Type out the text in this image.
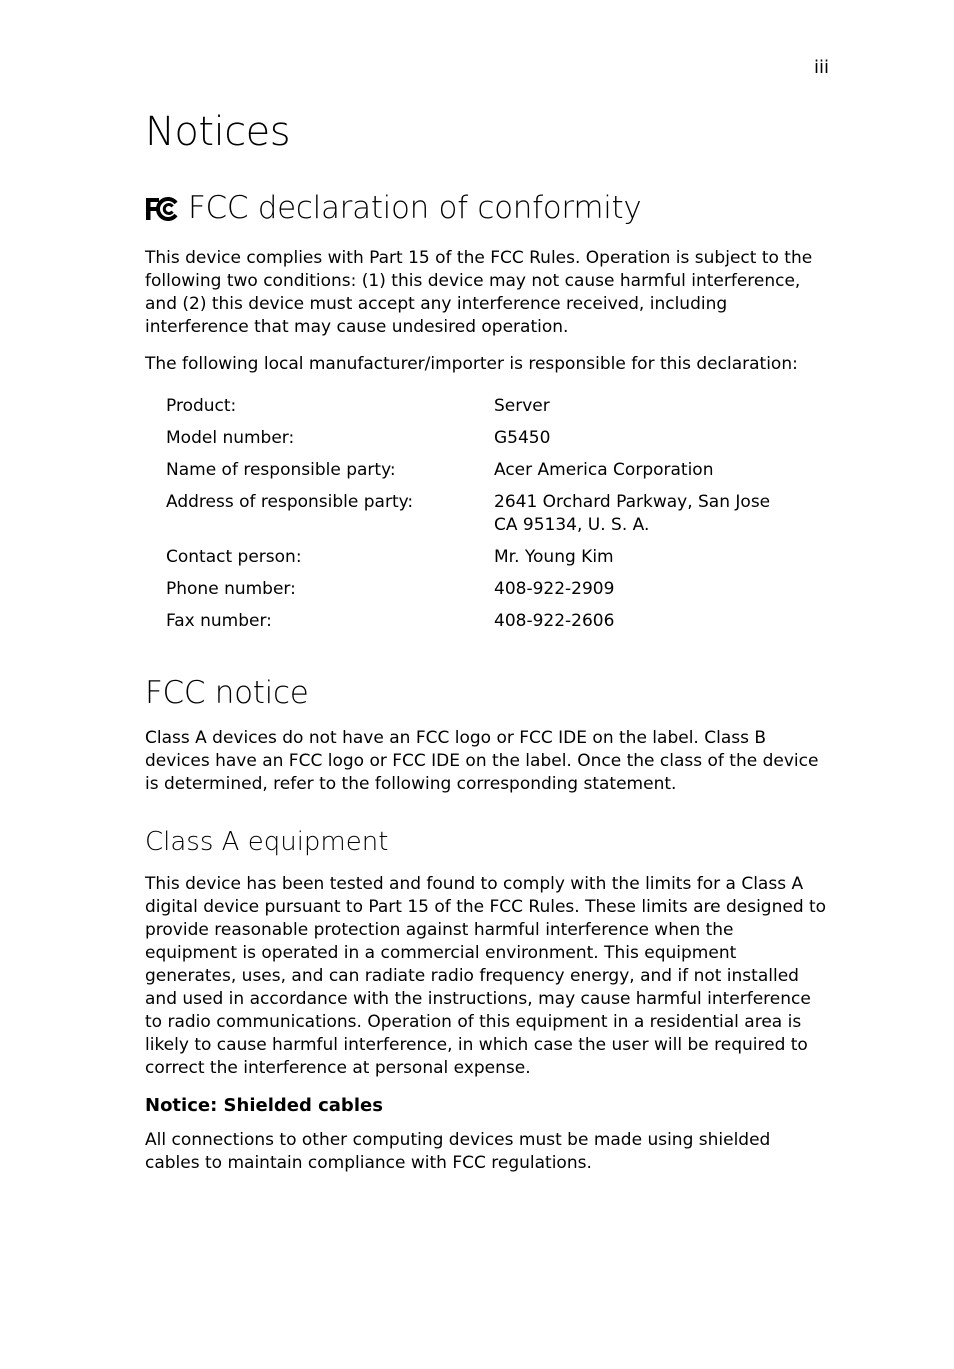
iii
Notices
FCC declaration of conformity

This device complies with Part 15 of the FCC Rules. Operation is subject to the following two conditions: (1) this device may not cause harmful interference, and (2) this device must accept any interference received, including interference that may cause undesired operation.

The following local manufacturer/importer is responsible for this declaration:

Product:	Server
Model number:	G5450
Name of responsible party:	Acer America Corporation
Address of responsible party:	2641 Orchard Parkway, San Jose
CA 95134, U. S. A.

Contact person:	Mr. Young Kim
Phone number:	408-922-2909
Fax number:	408-922-2606
FCC notice

Class A devices do not have an FCC logo or FCC IDE on the label. Class B devices have an FCC logo or FCC IDE on the label. Once the class of the device is determined, refer to the following corresponding statement.

Class A equipment

This device has been tested and found to comply with the limits for a Class A digital device pursuant to Part 15 of the FCC Rules. These limits are designed to provide reasonable protection against harmful interference when the equipment is operated in a commercial environment. This equipment generates, uses, and can radiate radio frequency energy, and if not installed and used in accordance with the instructions, may cause harmful interference to radio communications. Operation of this equipment in a residential area is likely to cause harmful interference, in which case the user will be required to correct the interference at personal expense.

Notice: Shielded cables

All connections to other computing devices must be made using shielded cables to maintain compliance with FCC regulations.
